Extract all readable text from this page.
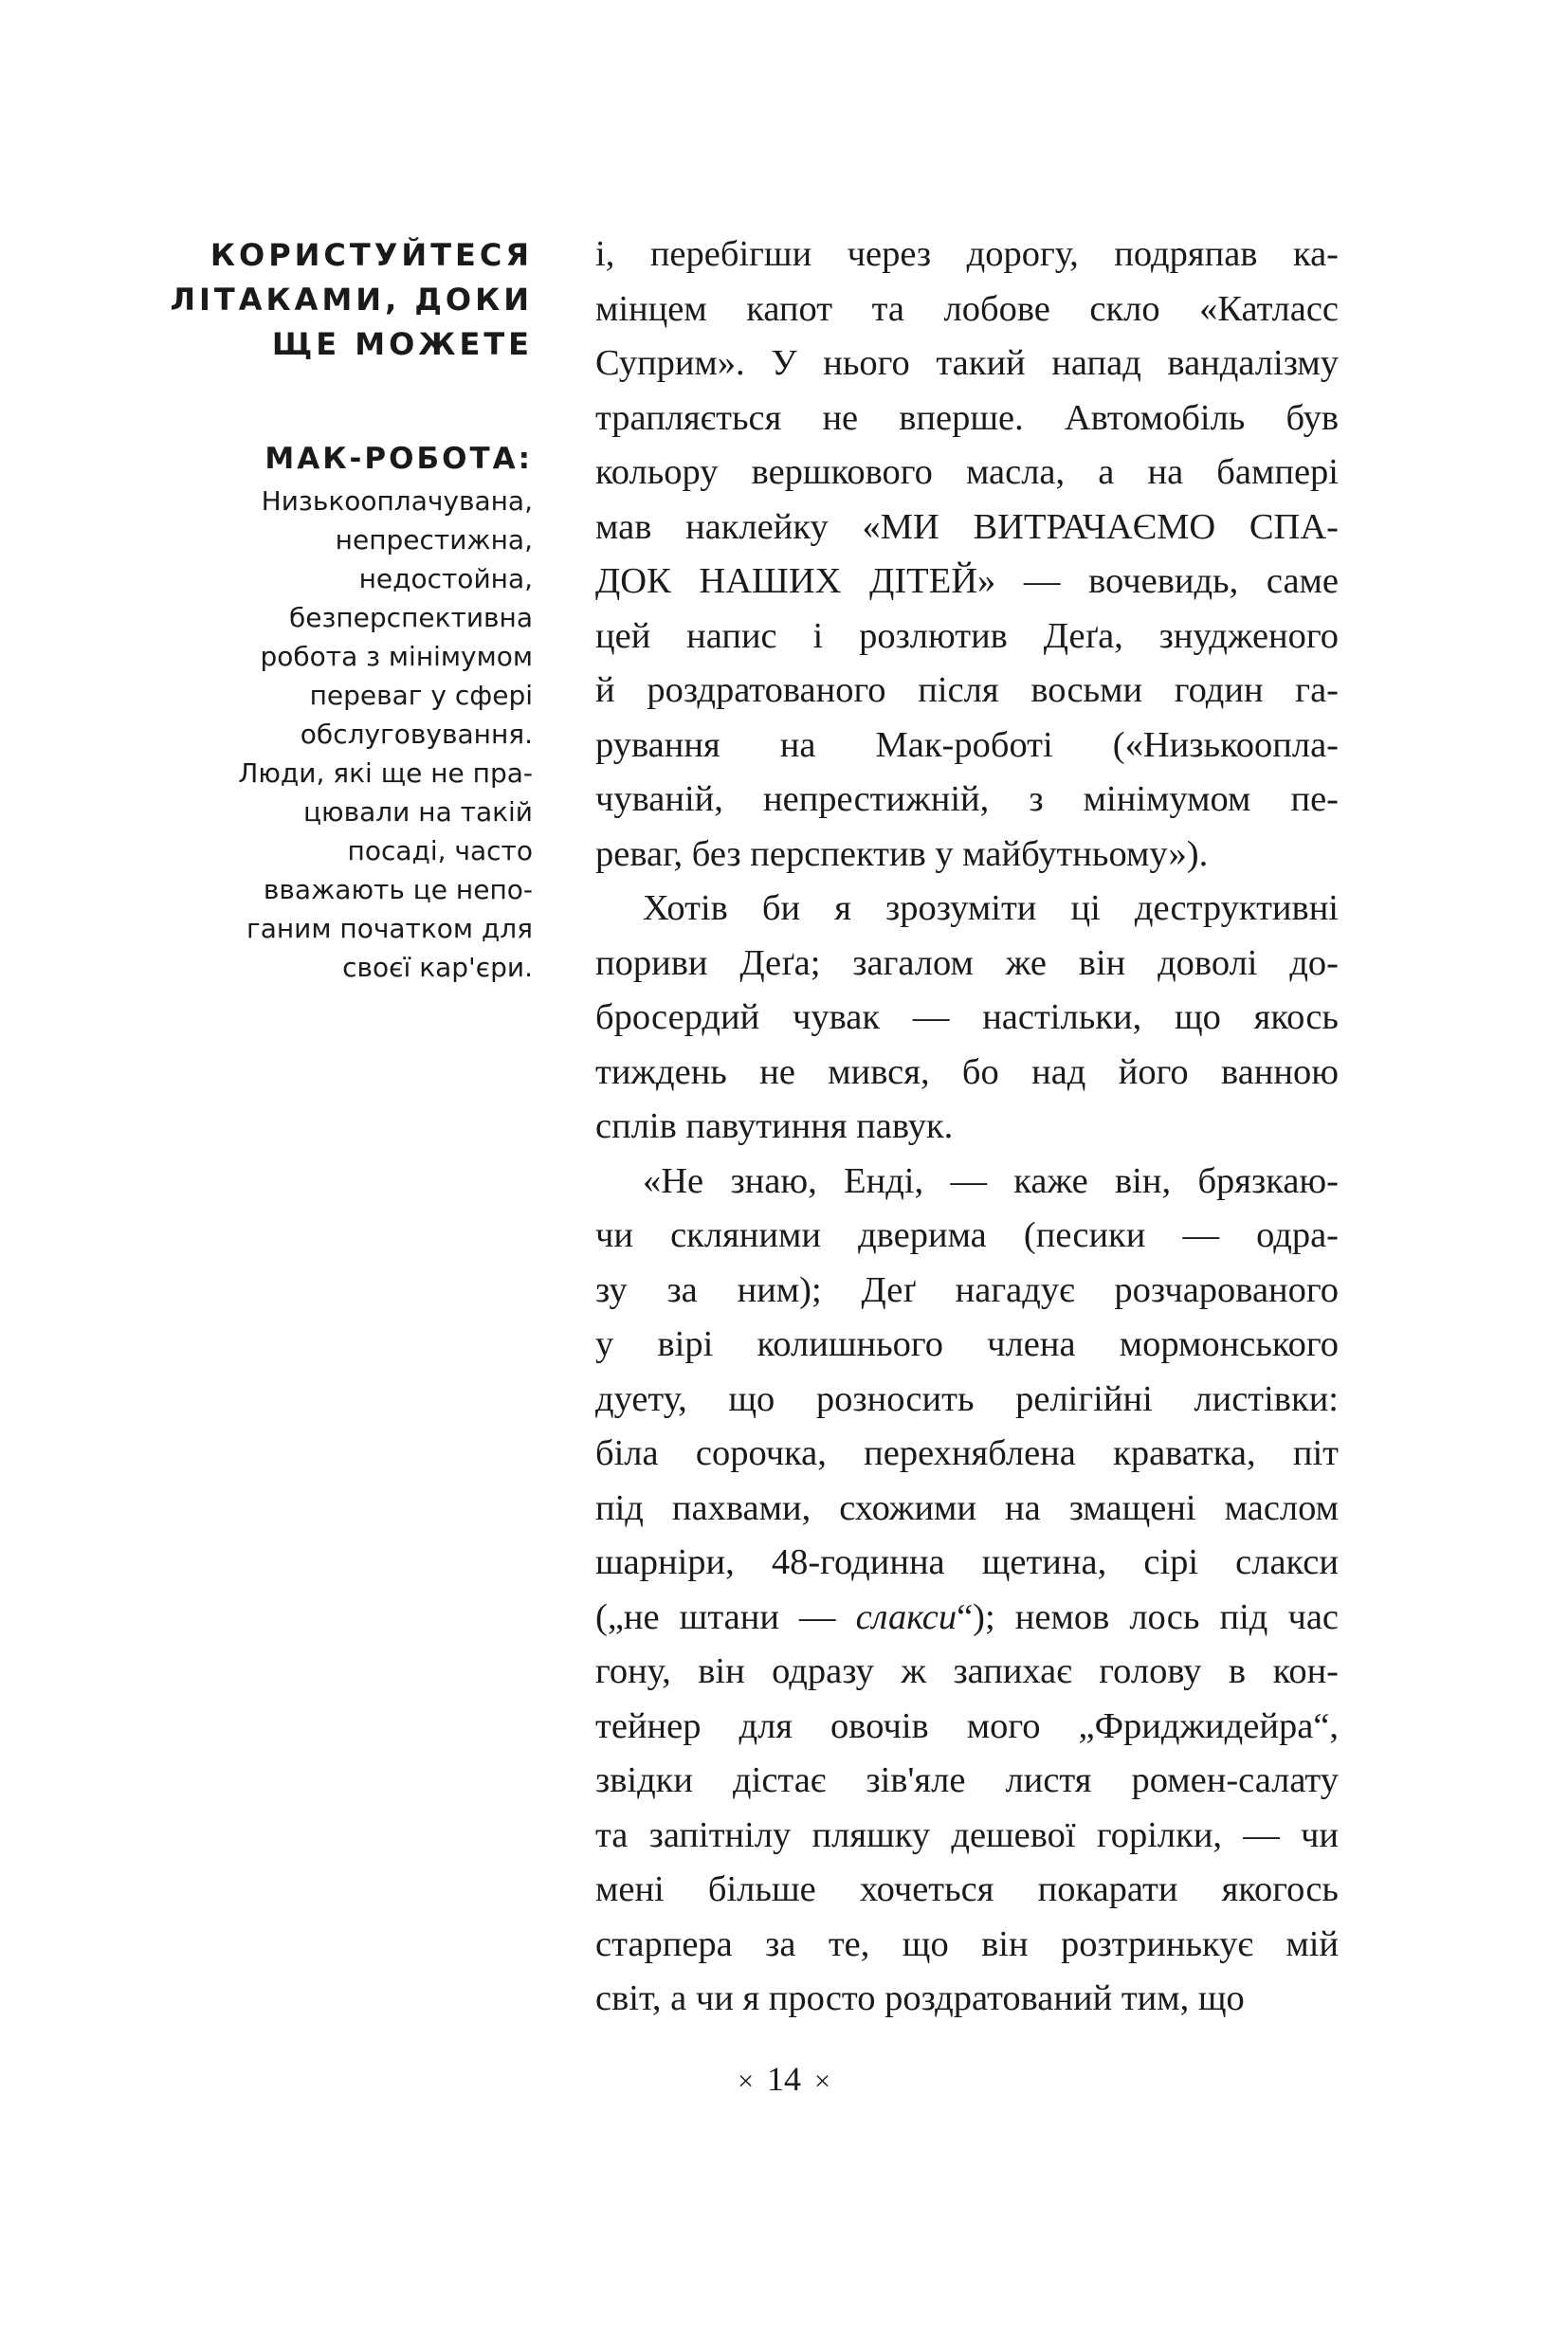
КОРИСТУЙТЕСЯ
ЛІТАКАМИ, ДОКИ
ЩЕ МОЖЕТЕ
МАК-РОБОТА:

Низькооплачувана,
непрестижна,
недостойна,
безперспективна
робота з мінімумом
переваг у сфері
обслуговування.
Люди, які ще не пра-
цювали на такій
посаді, часто
вважають це непо-
ганим початком для
своєї кар'єри.

і, перебігши через дорогу, подряпав ка-
мінцем капот та лобове скло «Катласс
Суприм». У нього такий напад вандалізму
трапляється не вперше. Автомобіль був
кольору вершкового масла, а на бампері
мав наклейку «МИ ВИТРАЧАЄМО СПА-
ДОК НАШИХ ДІТЕЙ» — вочевидь, саме
цей напис і розлютив Деґа, знудженого
й роздратованого після восьми годин га-
рування на Мак-роботі («Низькоопла-
чуваній, непрестижній, з мінімумом пе-
реваг, без перспектив у майбутньому»).

Хотів би я зрозуміти ці деструктивні
пориви Деґа; загалом же він доволі до-
бросердий чувак — настільки, що якось
тиждень не мився, бо над його ванною
сплів павутиння павук.

«Не знаю, Енді, — каже він, брязкаю-
чи скляними дверима (песики — одра-
зу за ним); Деґ нагадує розчарованого
у вірі колишнього члена мормонського
дуету, що розносить релігійні листівки:
біла сорочка, перехнябленa краватка, піт
під пахвами, схожими на змащені маслом
шарніри, 48-годинна щетина, сірі слакси
(„не штани — слакси“); немов лось під час
гону, він одразу ж запихає голову в кон-
тейнер для овочів мого „Фриджидейра“,
звідки дістає зів'яле листя ромен-салату
та запітнілу пляшку дешевої горілки, — чи
мені більше хочеться покарати якогось
старпера за те, що він розтринькує мій
світ, а чи я просто роздратований тим, що

× 14 ×
